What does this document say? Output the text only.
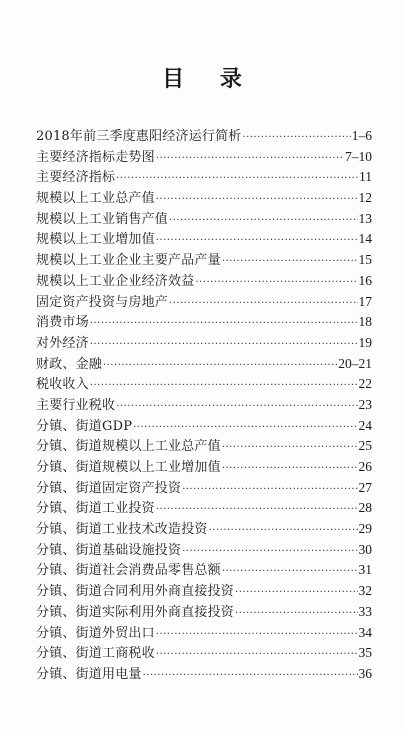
目 录
2018年前三季度惠阳经济运行简析 ·····	1–6
主要经济指标走势图 ·····	7–10
主要经济指标 ·····	11
规模以上工业总产值 ·····	12
规模以上工业销售产值 ·····	13
规模以上工业增加值 ·····	14
规模以上工业企业主要产品产量 ·····	15
规模以上工业企业经济效益 ·····	16
固定资产投资与房地产 ·····	17
消费市场 ·····	18
对外经济 ·····	19
财政、金融 ·····	20–21
税收收入 ·····	22
主要行业税收 ·····	23
分镇、街道GDP ·····	24
分镇、街道规模以上工业总产值 ·····	25
分镇、街道规模以上工业增加值 ·····	26
分镇、街道固定资产投资 ·····	27
分镇、街道工业投资 ·····	28
分镇、街道工业技术改造投资 ·····	29
分镇、街道基础设施投资 ·····	30
分镇、街道社会消费品零售总额 ·····	31
分镇、街道合同利用外商直接投资 ·····	32
分镇、街道实际利用外商直接投资 ·····	33
分镇、街道外贸出口 ·····	34
分镇、街道工商税收 ·····	35
分镇、街道用电量 ·····	36
